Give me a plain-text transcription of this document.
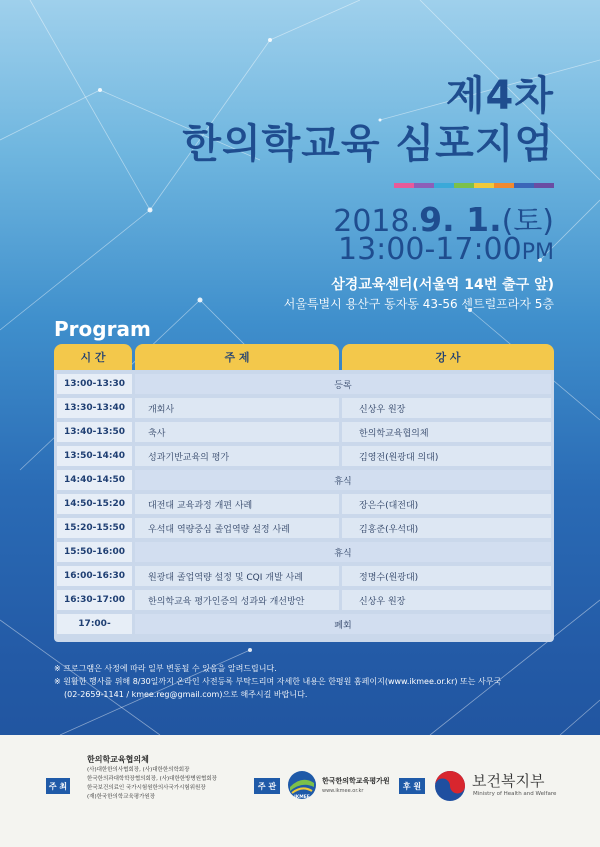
제4차
한의학교육 심포지엄
2018.9. 1.(토)
13:00-17:00PM
삼경교육센터(서울역 14번 출구 앞)
서울특별시 용산구 동자동 43-56 센트럴프라자 5층
Program
시 간	주 제	강 사
13:00-13:30	등록
13:30-13:40	개회사	신상우 원장
13:40-13:50	축사	한의학교육협의체
13:50-14:40	성과기반교육의 평가	김영전(원광대 의대)
14:40-14:50	휴식
14:50-15:20	대전대 교육과정 개편 사례	장은수(대전대)
15:20-15:50	우석대 역량중심 졸업역량 설정 사례	김홍준(우석대)
15:50-16:00	휴식
16:00-16:30	원광대 졸업역량 설정 및 CQI 개발 사례	정명수(원광대)
16:30-17:00	한의학교육 평가인증의 성과와 개선방안	신상우 원장
17:00-	폐회
※ 프로그램은 사정에 따라 일부 변동될 수 있음을 알려드립니다.
※ 원활한 행사를 위해 8/30일까지 온라인 사전등록 부탁드리며 자세한 내용은 한평원 홈페이지(www.ikmee.or.kr) 또는 사무국
(02-2659-1141 / kmee.reg@gmail.com)으로 해주시길 바랍니다.
주 최
한의학교육협의체
(사)대한한의사협회장, (사)대한한의학회장
한국한의과대학학장협의회장, (사)대한한방병원협회장
한국보건의료인 국가시험원한의사국가시험위원장
(재)한국한의학교육평가원장
주 관
IKMEE
한국한의학교육평가원
www.ikmee.or.kr
후 원	보건복지부
Ministry of Health and Welfare
